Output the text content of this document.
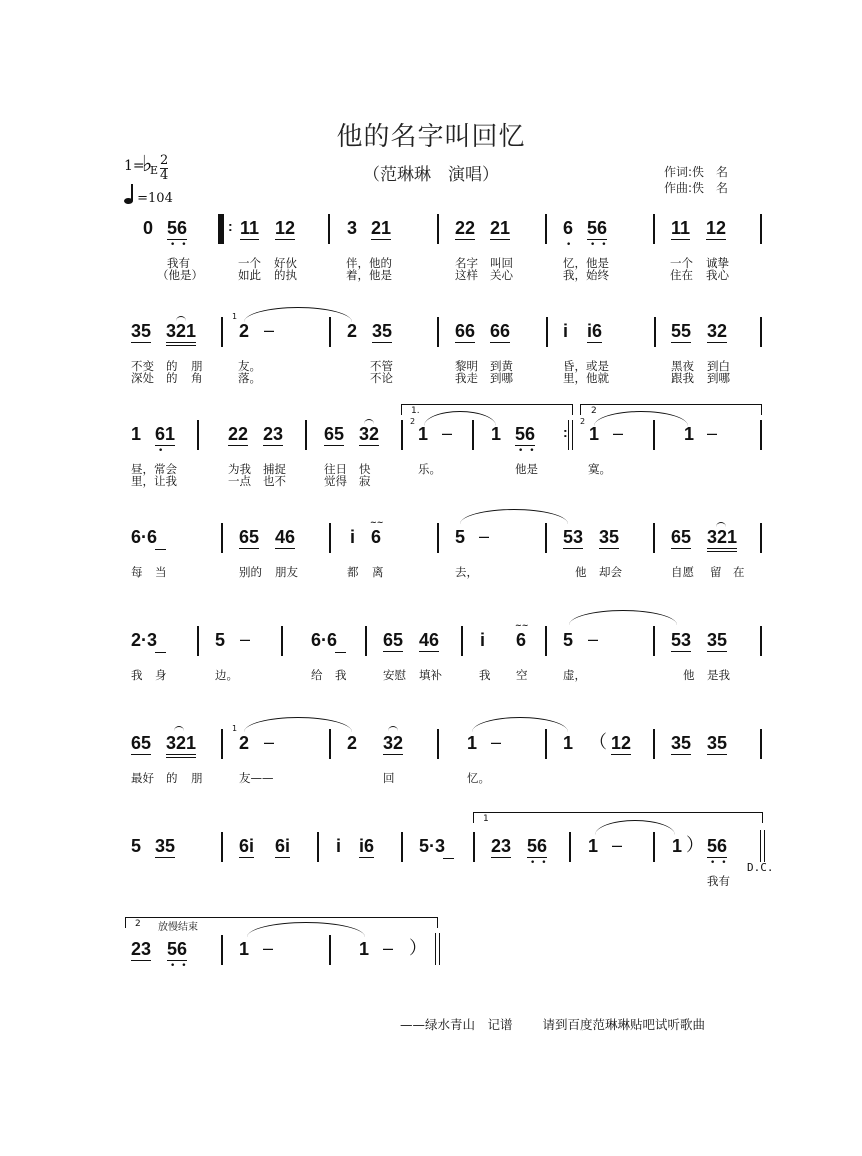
他的名字叫回忆
（范琳琳　演唱）	作词:佚　名
作曲:佚　名
1=
♭
E
2
4
=104
0 56
••
: 11 12	3 21	22 21	6
•
56
••
11 12
我有	一个 好伙	伴，他的	名字 叫回	忆，他是	一个 诚挚
（他是）	如此 的执	着，他是	这样 关心	我，始终	住在 我心
35 321
1
2 –	2 35	66 66	i i6	55 32
不变 的 朋	友。	不管	黎明 到黄	昏，或是	黑夜 到白
深处 的 角	落。	不论	我走 到哪	里，他就	跟我 到哪
1 61
•
22 23 65 32
1.
2
1 – 1 56
••
:
2
2
1 –	1 –
昼，常会	为我 捕捉	往日 快	乐。	他是	寞。
里，让我	一点 也不	觉得 寂
6·6	65 46	i
~~
6	5 –	53 35	65 321
每 当	别的 朋友	都 离	去，	他 却会	自愿 留 在
2·3	5 –	6·6	65 46 i
~~
6 5 –	53 35
我 身	边。	给 我	安慰 填补	我 空	虚，	他 是我
65 321
1
2 –	2 32	1 –	1 （ 12 35 35
最好 的 朋	友——	回	忆。
5 35	6i 6i	i i6 5·3
1
23 56
••
1 –	1 ） 56
•• D.C.
我有
2 放慢结束
23 56
••
1 –	1 – ）
——绿水青山　记谱 请到百度范琳琳贴吧试听歌曲
